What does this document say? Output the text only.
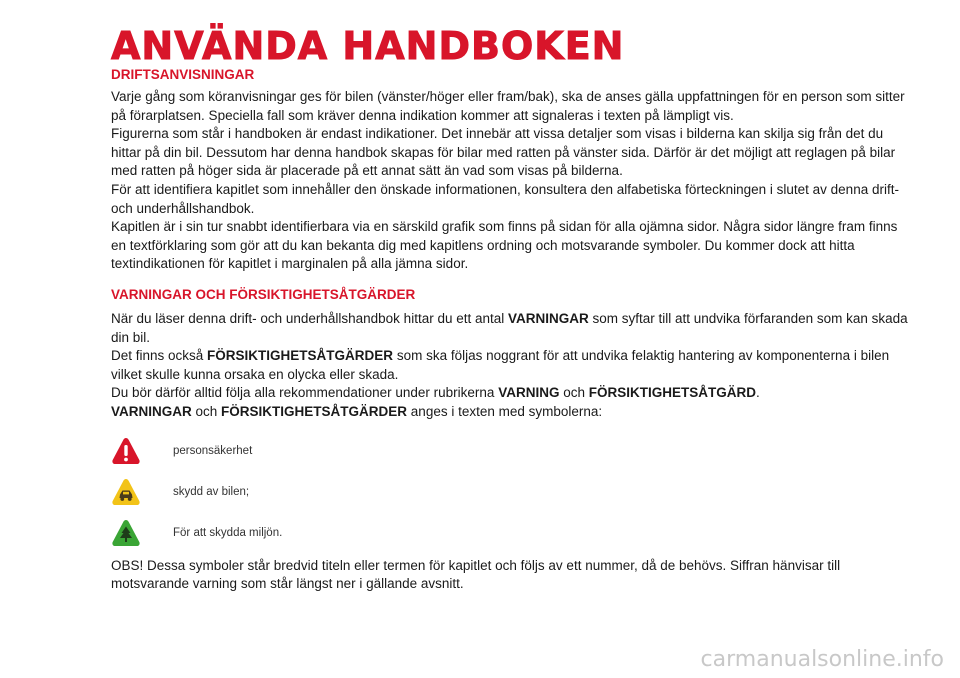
ANVÄNDA HANDBOKEN
DRIFTSANVISNINGAR

Varje gång som köranvisningar ges för bilen (vänster/höger eller fram/bak), ska de anses gälla uppfattningen för en person som sitter på förarplatsen. Speciella fall som kräver denna indikation kommer att signaleras i texten på lämpligt vis.

Figurerna som står i handboken är endast indikationer. Det innebär att vissa detaljer som visas i bilderna kan skilja sig från det du hittar på din bil. Dessutom har denna handbok skapas för bilar med ratten på vänster sida. Därför är det möjligt att reglagen på bilar med ratten på höger sida är placerade på ett annat sätt än vad som visas på bilderna.

För att identifiera kapitlet som innehåller den önskade informationen, konsultera den alfabetiska förteckningen i slutet av denna drift- och underhållshandbok.

Kapitlen är i sin tur snabbt identifierbara via en särskild grafik som finns på sidan för alla ojämna sidor. Några sidor längre fram finns en textförklaring som gör att du kan bekanta dig med kapitlens ordning och motsvarande symboler. Du kommer dock att hitta textindikationen för kapitlet i marginalen på alla jämna sidor.

VARNINGAR OCH FÖRSIKTIGHETSÅTGÄRDER

När du läser denna drift- och underhållshandbok hittar du ett antal VARNINGAR som syftar till att undvika förfaranden som kan skada din bil.

Det finns också FÖRSIKTIGHETSÅTGÄRDER som ska följas noggrant för att undvika felaktig hantering av komponenterna i bilen vilket skulle kunna orsaka en olycka eller skada.

Du bör därför alltid följa alla rekommendationer under rubrikerna VARNING och FÖRSIKTIGHETSÅTGÄRD.

VARNINGAR och FÖRSIKTIGHETSÅTGÄRDER anges i texten med symbolerna:

personsäkerhet
skydd av bilen;
För att skydda miljön.

OBS! Dessa symboler står bredvid titeln eller termen för kapitlet och följs av ett nummer, då de behövs. Siffran hänvisar till motsvarande varning som står längst ner i gällande avsnitt.

carmanualsonline.info
